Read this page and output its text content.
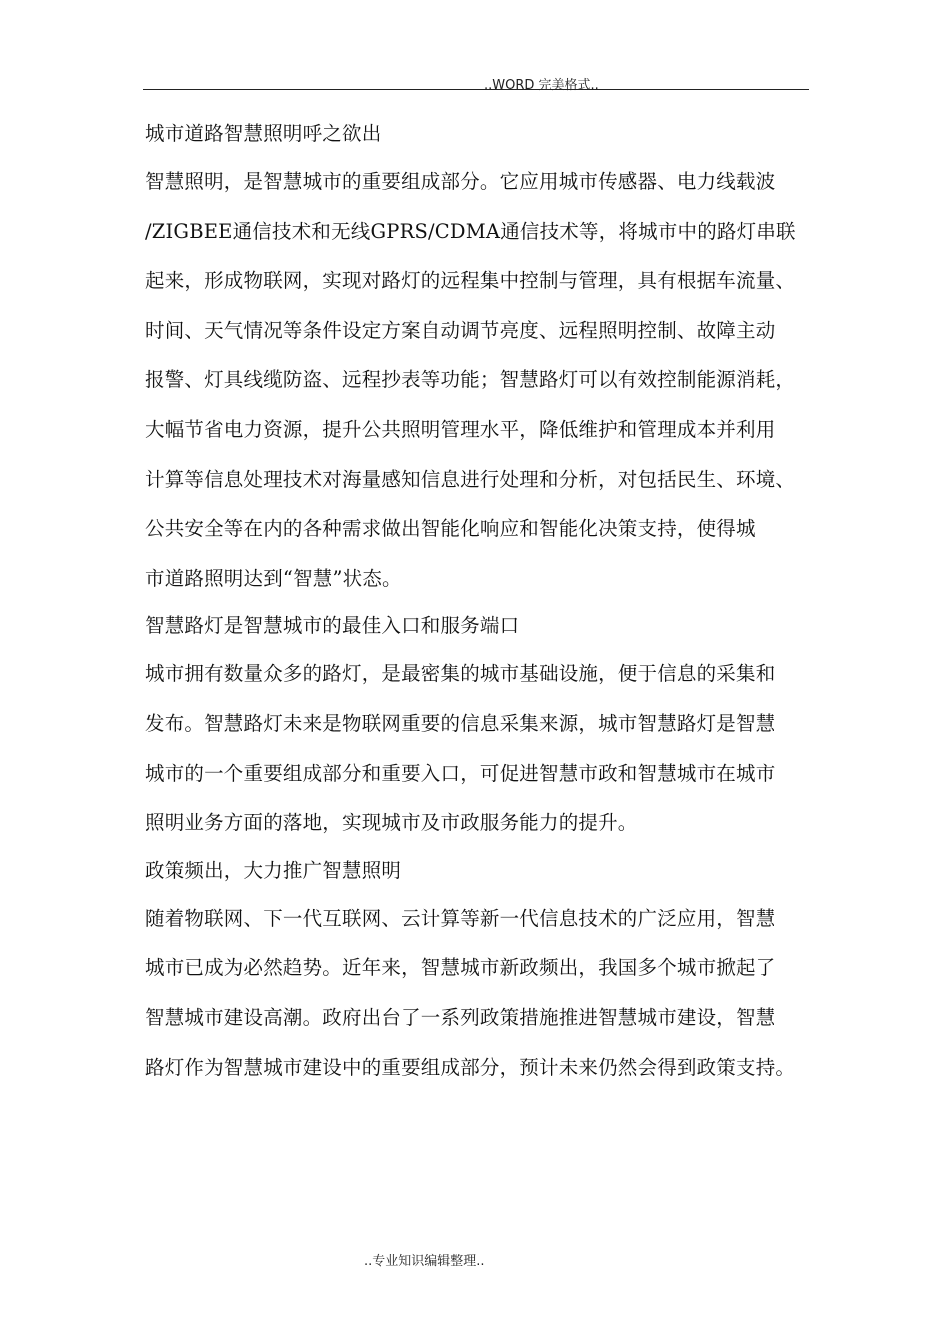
..WORD 完美格式..
城市道路智慧照明呼之欲出
智慧照明，是智慧城市的重要组成部分。它应用城市传感器、电力线载波
/ZIGBEE通信技术和无线GPRS/CDMA通信技术等，将城市中的路灯串联
起来，形成物联网，实现对路灯的远程集中控制与管理，具有根据车流量、
时间、天气情况等条件设定方案自动调节亮度、远程照明控制、故障主动
报警、灯具线缆防盗、远程抄表等功能；智慧路灯可以有效控制能源消耗，
大幅节省电力资源，提升公共照明管理水平，降低维护和管理成本并利用
计算等信息处理技术对海量感知信息进行处理和分析，对包括民生、环境、
公共安全等在内的各种需求做出智能化响应和智能化决策支持，使得城
市道路照明达到“智慧”状态。
智慧路灯是智慧城市的最佳入口和服务端口
城市拥有数量众多的路灯，是最密集的城市基础设施，便于信息的采集和
发布。智慧路灯未来是物联网重要的信息采集来源，城市智慧路灯是智慧
城市的一个重要组成部分和重要入口，可促进智慧市政和智慧城市在城市
照明业务方面的落地，实现城市及市政服务能力的提升。
政策频出，大力推广智慧照明
随着物联网、下一代互联网、云计算等新一代信息技术的广泛应用，智慧
城市已成为必然趋势。近年来，智慧城市新政频出，我国多个城市掀起了
智慧城市建设高潮。政府出台了一系列政策措施推进智慧城市建设，智慧
路灯作为智慧城市建设中的重要组成部分，预计未来仍然会得到政策支持。
..专业知识编辑整理..
